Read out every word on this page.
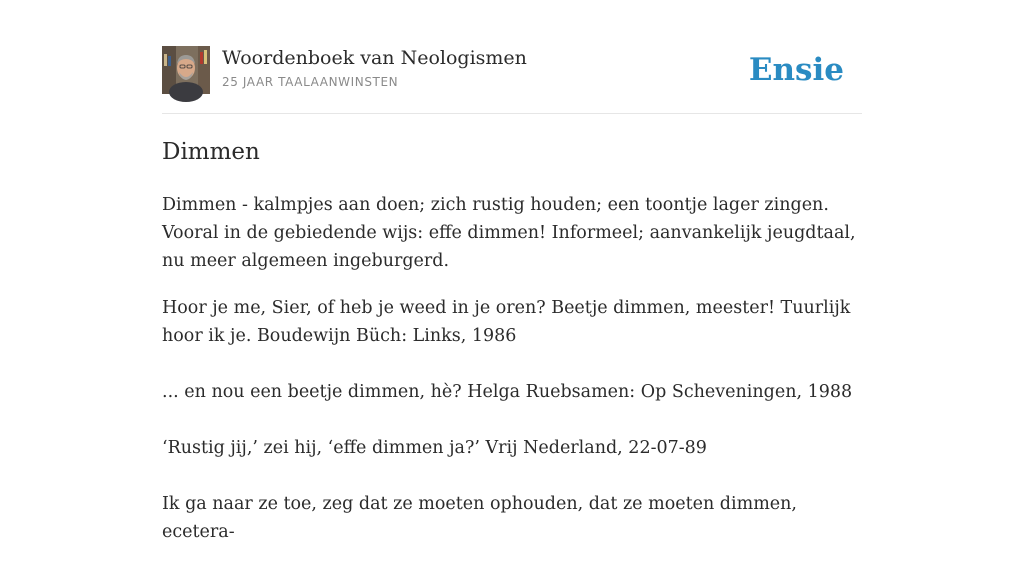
Woordenboek van Neologismen
25 JAAR TAALAANWINSTEN	Ensie
Dimmen

Dimmen - kalmpjes aan doen; zich rustig houden; een toontje lager zingen. Vooral in de gebiedende wijs: effe dimmen! Informeel; aanvankelijk jeugdtaal, nu meer algemeen ingeburgerd.

Hoor je me, Sier, of heb je weed in je oren? Beetje dimmen, meester! Tuurlijk hoor ik je. Boudewijn Büch: Links, 1986

... en nou een beetje dimmen, hè? Helga Ruebsamen: Op Scheveningen, 1988

‘Rustig jij,’ zei hij, ‘effe dimmen ja?’ Vrij Nederland, 22-07-89

Ik ga naar ze toe, zeg dat ze moeten ophouden, dat ze moeten dimmen, ecetera-
